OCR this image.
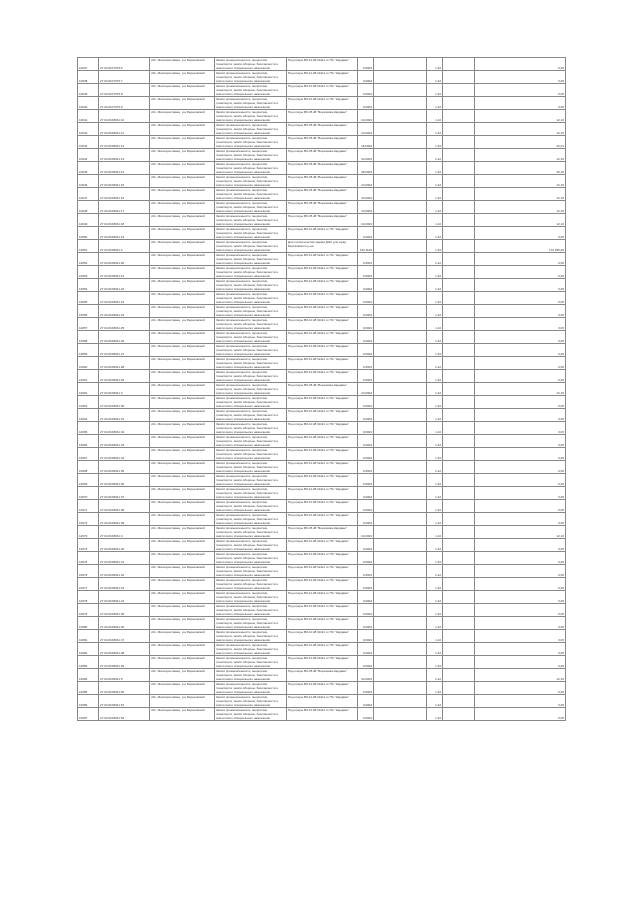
10037	27:04:0107075:6	обл. Малоярославец, р-н Березовский	Земли промышленности, энергетики, транспорта, земли обороны, безопасности и земли иного специального назначения	Под опоры ВЛ-10 кВ №111 от ПС "Кардамо"	0,0004		1,22		0,06
10038	27:04:0107075:7	обл. Малоярославец, р-н Березовский	Земли промышленности, энергетики, транспорта, земли обороны, безопасности и земли иного специального назначения	Под опоры ВЛ-10 кВ №111 от ПС "Кардамо"	0,0004		1,22		0,06
10039	27:04:0107075:8	обл. Малоярославец, р-н Березовский	Земли промышленности, энергетики, транспорта, земли обороны, безопасности и земли иного специального назначения	Под опоры ВЛ-10 кВ №111 от ПС "Кардамо"	0,0004		1,22		0,06
10040	27:04:0107075:9	обл. Малоярославец, р-н Березовский	Земли промышленности, энергетики, транспорта, земли обороны, безопасности и земли иного специального назначения	Под опоры ВЛ-10 кВ №111 от ПС "Кардамо"	0,0004		1,22		0,06
10041	27:04:0108041:10	обл. Малоярославец, р-н Березовский	Земли промышленности, энергетики, транспорта, земли обороны, безопасности и земли иного специального назначения	Под опоры ВЛ-35 кВ "Березовка-Кардамо"	10,0004		1,22		12,16
10042	27:04:0108041:11	обл. Малоярославец, р-н Березовский	Земли промышленности, энергетики, транспорта, земли обороны, безопасности и земли иного специального назначения	Под опоры ВЛ-35 кВ "Березовка-Кардамо"	10,0004		1,22		12,16
10043	27:04:0108041:12	обл. Малоярославец, р-н Березовский	Земли промышленности, энергетики, транспорта, земли обороны, безопасности и земли иного специального назначения	Под опоры ВЛ-35 кВ "Березовка-Кардамо"	18,0004		1,22		22,01
10044	27:04:0108041:13	обл. Малоярославец, р-н Березовский	Земли промышленности, энергетики, транспорта, земли обороны, безопасности и земли иного специального назначения	Под опоры ВЛ-35 кВ "Березовка-Кардамо"	10,0004		1,22		12,16
10045	27:04:0108041:14	обл. Малоярославец, р-н Березовский	Земли промышленности, энергетики, транспорта, земли обороны, безопасности и земли иного специального назначения	Под опоры ВЛ-35 кВ "Березовка-Кардамо"	38,0004		1,22		46,16
10046	27:04:0108041:15	обл. Малоярославец, р-н Березовский	Земли промышленности, энергетики, транспорта, земли обороны, безопасности и земли иного специального назначения	Под опоры ВЛ-35 кВ "Березовка-Кардамо"	10,0004		1,22		12,16
10047	27:04:0108041:16	обл. Малоярославец, р-н Березовский	Земли промышленности, энергетики, транспорта, земли обороны, безопасности и земли иного специального назначения	Под опоры ВЛ-35 кВ "Березовка-Кардамо"	10,0004		1,22		12,16
10048	27:04:0108041:17	обл. Малоярославец, р-н Березовский	Земли промышленности, энергетики, транспорта, земли обороны, безопасности и земли иного специального назначения	Под опоры ВЛ-35 кВ "Березовка-Кардамо"	10,0004		1,22		12,16
10049	27:04:0108041:18	обл. Малоярославец, р-н Березовский	Земли промышленности, энергетики, транспорта, земли обороны, безопасности и земли иного специального назначения	Под опоры ВЛ-35 кВ "Березовка-Кардамо"	10,0004		1,22		12,16
10050	27:04:0108041:19	обл. Малоярославец, р-н Березовский	Земли промышленности, энергетики, транспорта, земли обороны, безопасности и земли иного специального назначения	Под опоры ВЛ-10 кВ №111 от ПС "Кардамо"	0,0004		1,22		0,06
10051	27:04:0108041:2	обл. Малоярославец, р-н Березовский	Земли промышленности, энергетики, транспорта, земли обороны, безопасности и земли иного специального назначения	Для строительства здания ДЭС для нужд Березовского р-на	140,1100		1,22		170 935,00
10052	27:04:0108041:20	обл. Малоярославец, р-н Березовский	Земли промышленности, энергетики, транспорта, земли обороны, безопасности и земли иного специального назначения	Под опоры ВЛ-10 кВ №111 от ПС "Кардамо"	0,0004		1,22		0,06
10053	27:04:0108041:21	обл. Малоярославец, р-н Березовский	Земли промышленности, энергетики, транспорта, земли обороны, безопасности и земли иного специального назначения	Под опоры ВЛ-10 кВ №111 от ПС "Кардамо"	0,0004		1,22		0,06
10054	27:04:0108041:22	обл. Малоярославец, р-н Березовский	Земли промышленности, энергетики, транспорта, земли обороны, безопасности и земли иного специального назначения	Под опоры ВЛ-10 кВ №111 от ПС "Кардамо"	0,0004		1,22		0,06
10055	27:04:0108041:23	обл. Малоярославец, р-н Березовский	Земли промышленности, энергетики, транспорта, земли обороны, безопасности и земли иного специального назначения	Под опоры ВЛ-10 кВ №111 от ПС "Кардамо"	0,0004		1,22		0,06
10056	27:04:0108041:24	обл. Малоярославец, р-н Березовский	Земли промышленности, энергетики, транспорта, земли обороны, безопасности и земли иного специального назначения	Под опоры ВЛ-10 кВ №111 от ПС "Кардамо"	0,0004		1,22		0,06
10057	27:04:0108041:25	обл. Малоярославец, р-н Березовский	Земли промышленности, энергетики, транспорта, земли обороны, безопасности и земли иного специального назначения	Под опоры ВЛ-10 кВ №111 от ПС "Кардамо"	0,0004		1,22		0,06
10058	27:04:0108041:26	обл. Малоярославец, р-н Березовский	Земли промышленности, энергетики, транспорта, земли обороны, безопасности и земли иного специального назначения	Под опоры ВЛ-10 кВ №111 от ПС "Кардамо"	0,0004		1,22		0,06
10059	27:04:0108041:27	обл. Малоярославец, р-н Березовский	Земли промышленности, энергетики, транспорта, земли обороны, безопасности и земли иного специального назначения	Под опоры ВЛ-10 кВ №111 от ПС "Кардамо"	0,0004		1,22		0,06
10060	27:04:0108041:28	обл. Малоярославец, р-н Березовский	Земли промышленности, энергетики, транспорта, земли обороны, безопасности и земли иного специального назначения	Под опоры ВЛ-10 кВ №111 от ПС "Кардамо"	0,0004		1,22		0,06
10061	27:04:0108041:29	обл. Малоярославец, р-н Березовский	Земли промышленности, энергетики, транспорта, земли обороны, безопасности и земли иного специального назначения	Под опоры ВЛ-10 кВ №111 от ПС "Кардамо"	0,0004		1,22		0,06
10062	27:04:0108041:3	обл. Малоярославец, р-н Березовский	Земли промышленности, энергетики, транспорта, земли обороны, безопасности и земли иного специального назначения	Под опоры ВЛ-35 кВ "Березовка-Кардамо"	10,0004		1,22		12,16
10063	27:04:0108041:30	обл. Малоярославец, р-н Березовский	Земли промышленности, энергетики, транспорта, земли обороны, безопасности и земли иного специального назначения	Под опоры ВЛ-10 кВ №111 от ПС "Кардамо"	0,0004		1,22		0,06
10064	27:04:0108041:31	обл. Малоярославец, р-н Березовский	Земли промышленности, энергетики, транспорта, земли обороны, безопасности и земли иного специального назначения	Под опоры ВЛ-10 кВ №111 от ПС "Кардамо"	0,0004		1,22		0,06
10065	27:04:0108041:32	обл. Малоярославец, р-н Березовский	Земли промышленности, энергетики, транспорта, земли обороны, безопасности и земли иного специального назначения	Под опоры ВЛ-10 кВ №111 от ПС "Кардамо"	0,0004		1,22		0,06
10066	27:04:0108041:33	обл. Малоярославец, р-н Березовский	Земли промышленности, энергетики, транспорта, земли обороны, безопасности и земли иного специального назначения	Под опоры ВЛ-10 кВ №111 от ПС "Кардамо"	0,0004		1,22		0,06
10067	27:04:0108041:34	обл. Малоярославец, р-н Березовский	Земли промышленности, энергетики, транспорта, земли обороны, безопасности и земли иного специального назначения	Под опоры ВЛ-10 кВ №111 от ПС "Кардамо"	0,0004		1,22		0,06
10068	27:04:0108041:35	обл. Малоярославец, р-н Березовский	Земли промышленности, энергетики, транспорта, земли обороны, безопасности и земли иного специального назначения	Под опоры ВЛ-10 кВ №111 от ПС "Кардамо"	0,0004		1,22		0,06
10069	27:04:0108041:36	обл. Малоярославец, р-н Березовский	Земли промышленности, энергетики, транспорта, земли обороны, безопасности и земли иного специального назначения	Под опоры ВЛ-10 кВ №111 от ПС "Кардамо"	0,0004		1,22		0,06
10070	27:04:0108041:37	обл. Малоярославец, р-н Березовский	Земли промышленности, энергетики, транспорта, земли обороны, безопасности и земли иного специального назначения	Под опоры ВЛ-10 кВ №111 от ПС "Кардамо"	0,0004		1,22		0,06
10071	27:04:0108041:38	обл. Малоярославец, р-н Березовский	Земли промышленности, энергетики, транспорта, земли обороны, безопасности и земли иного специального назначения	Под опоры ВЛ-10 кВ №111 от ПС "Кардамо"	0,0004		1,22		0,06
10072	27:04:0108041:39	обл. Малоярославец, р-н Березовский	Земли промышленности, энергетики, транспорта, земли обороны, безопасности и земли иного специального назначения	Под опоры ВЛ-10 кВ №111 от ПС "Кардамо"	0,0004		1,22		0,06
10073	27:04:0108041:4	обл. Малоярославец, р-н Березовский	Земли промышленности, энергетики, транспорта, земли обороны, безопасности и земли иного специального назначения	Под опоры ВЛ-35 кВ "Березовка-Кардамо"	10,0004		1,22		12,16
10074	27:04:0108041:40	обл. Малоярославец, р-н Березовский	Земли промышленности, энергетики, транспорта, земли обороны, безопасности и земли иного специального назначения	Под опоры ВЛ-10 кВ №111 от ПС "Кардамо"	0,0004		1,22		0,06
10075	27:04:0108041:41	обл. Малоярославец, р-н Березовский	Земли промышленности, энергетики, транспорта, земли обороны, безопасности и земли иного специального назначения	Под опоры ВЛ-10 кВ №111 от ПС "Кардамо"	0,0004		1,22		0,06
10076	27:04:0108041:42	обл. Малоярославец, р-н Березовский	Земли промышленности, энергетики, транспорта, земли обороны, безопасности и земли иного специального назначения	Под опоры ВЛ-10 кВ №111 от ПС "Кардамо"	0,0004		1,22		0,06
10077	27:04:0108041:43	обл. Малоярославец, р-н Березовский	Земли промышленности, энергетики, транспорта, земли обороны, безопасности и земли иного специального назначения	Под опоры ВЛ-10 кВ №111 от ПС "Кардамо"	0,0004		1,22		0,06
10078	27:04:0108041:44	обл. Малоярославец, р-н Березовский	Земли промышленности, энергетики, транспорта, земли обороны, безопасности и земли иного специального назначения	Под опоры ВЛ-10 кВ №111 от ПС "Кардамо"	0,0004		1,22		0,06
10079	27:04:0108041:45	обл. Малоярославец, р-н Березовский	Земли промышленности, энергетики, транспорта, земли обороны, безопасности и земли иного специального назначения	Под опоры ВЛ-10 кВ №111 от ПС "Кардамо"	0,0004		1,22		0,06
10080	27:04:0108041:46	обл. Малоярославец, р-н Березовский	Земли промышленности, энергетики, транспорта, земли обороны, безопасности и земли иного специального назначения	Под опоры ВЛ-10 кВ №111 от ПС "Кардамо"	0,0004		1,22		0,06
10081	27:04:0108041:47	обл. Малоярославец, р-н Березовский	Земли промышленности, энергетики, транспорта, земли обороны, безопасности и земли иного специального назначения	Под опоры ВЛ-10 кВ №111 от ПС "Кардамо"	0,0004		1,22		0,06
10082	27:04:0108041:48	обл. Малоярославец, р-н Березовский	Земли промышленности, энергетики, транспорта, земли обороны, безопасности и земли иного специального назначения	Под опоры ВЛ-10 кВ №111 от ПС "Кардамо"	0,0004		1,22		0,06
10083	27:04:0108041:49	обл. Малоярославец, р-н Березовский	Земли промышленности, энергетики, транспорта, земли обороны, безопасности и земли иного специального назначения	Под опоры ВЛ-10 кВ №111 от ПС "Кардамо"	0,0004		1,22		0,06
10084	27:04:0108041:5	обл. Малоярославец, р-н Березовский	Земли промышленности, энергетики, транспорта, земли обороны, безопасности и земли иного специального назначения	Под опоры ВЛ-35 кВ "Березовка-Кардамо"	10,0004		1,22		12,16
10085	27:04:0108041:50	обл. Малоярославец, р-н Березовский	Земли промышленности, энергетики, транспорта, земли обороны, безопасности и земли иного специального назначения	Под опоры ВЛ-10 кВ №111 от ПС "Кардамо"	0,0004		1,22		0,06
10086	27:04:0108041:51	обл. Малоярославец, р-н Березовский	Земли промышленности, энергетики, транспорта, земли обороны, безопасности и земли иного специального назначения	Под опоры ВЛ-10 кВ №111 от ПС "Кардамо"	0,0004		1,22		0,06
10087	27:04:0108041:52	обл. Малоярославец, р-н Березовский	Земли промышленности, энергетики, транспорта, земли обороны, безопасности и земли иного специального назначения	Под опоры ВЛ-10 кВ №111 от ПС "Кардамо"	0,0004		1,22		0,06
